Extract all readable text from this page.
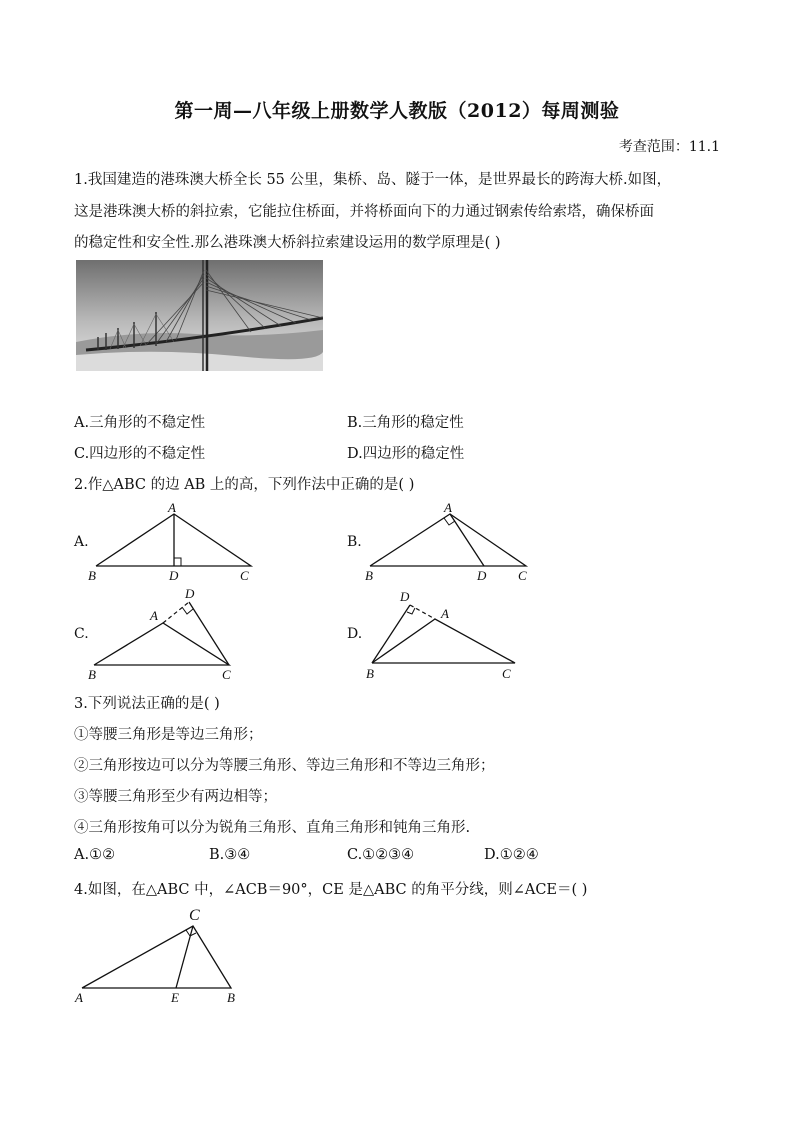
第一周—八年级上册数学人教版（2012）每周测验
考查范围：11.1
1.我国建造的港珠澳大桥全长 55 公里，集桥、岛、隧于一体，是世界最长的跨海大桥.如图，
这是港珠澳大桥的斜拉索，它能拉住桥面，并将桥面向下的力通过钢索传给索塔，确保桥面
的稳定性和安全性.那么港珠澳大桥斜拉索建设运用的数学原理是( )
A.三角形的不稳定性	B.三角形的稳定性
C.四边形的不稳定性	D.四边形的稳定性
2.作△ABC 的边 AB 上的高，下列作法中正确的是( )
A.
A
B	D	C
B.
A
B	D C
C.
D
A
B	C
D.
D
A
B	C
3.下列说法正确的是( )
①等腰三角形是等边三角形；
②三角形按边可以分为等腰三角形、等边三角形和不等边三角形；
③等腰三角形至少有两边相等；
④三角形按角可以分为锐角三角形、直角三角形和钝角三角形.
A.①②	B.③④	C.①②③④	D.①②④
4.如图，在△ABC 中，∠ACB＝90°，CE 是△ABC 的角平分线，则∠ACE＝( )
C
A	E	B
